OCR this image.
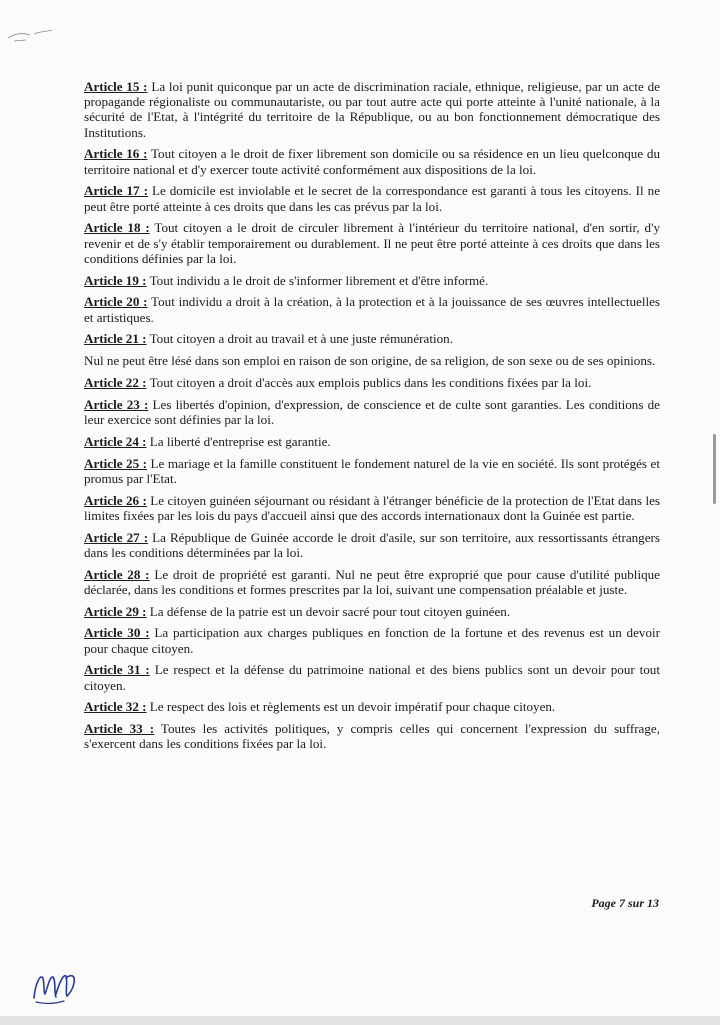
Article 15 : La loi punit quiconque par un acte de discrimination raciale, ethnique, religieuse, par un acte de propagande régionaliste ou communautariste, ou par tout autre acte qui porte atteinte à l'unité nationale, à la sécurité de l'Etat, à l'intégrité du territoire de la République, ou au bon fonctionnement démocratique des Institutions.

Article 16 : Tout citoyen a le droit de fixer librement son domicile ou sa résidence en un lieu quelconque du territoire national et d'y exercer toute activité conformément aux dispositions de la loi.

Article 17 : Le domicile est inviolable et le secret de la correspondance est garanti à tous les citoyens. Il ne peut être porté atteinte à ces droits que dans les cas prévus par la loi.

Article 18 : Tout citoyen a le droit de circuler librement à l'intérieur du territoire national, d'en sortir, d'y revenir et de s'y établir temporairement ou durablement. Il ne peut être porté atteinte à ces droits que dans les conditions définies par la loi.

Article 19 : Tout individu a le droit de s'informer librement et d'être informé.

Article 20 : Tout individu a droit à la création, à la protection et à la jouissance de ses œuvres intellectuelles et artistiques.

Article 21 : Tout citoyen a droit au travail et à une juste rémunération.

Nul ne peut être lésé dans son emploi en raison de son origine, de sa religion, de son sexe ou de ses opinions.

Article 22 : Tout citoyen a droit d'accès aux emplois publics dans les conditions fixées par la loi.

Article 23 : Les libertés d'opinion, d'expression, de conscience et de culte sont garanties. Les conditions de leur exercice sont définies par la loi.

Article 24 : La liberté d'entreprise est garantie.

Article 25 : Le mariage et la famille constituent le fondement naturel de la vie en société. Ils sont protégés et promus par l'Etat.

Article 26 : Le citoyen guinéen séjournant ou résidant à l'étranger bénéficie de la protection de l'Etat dans les limites fixées par les lois du pays d'accueil ainsi que des accords internationaux dont la Guinée est partie.

Article 27 : La République de Guinée accorde le droit d'asile, sur son territoire, aux ressortissants étrangers dans les conditions déterminées par la loi.

Article 28 : Le droit de propriété est garanti. Nul ne peut être exproprié que pour cause d'utilité publique déclarée, dans les conditions et formes prescrites par la loi, suivant une compensation préalable et juste.

Article 29 : La défense de la patrie est un devoir sacré pour tout citoyen guinéen.

Article 30 : La participation aux charges publiques en fonction de la fortune et des revenus est un devoir pour chaque citoyen.

Article 31 : Le respect et la défense du patrimoine national et des biens publics sont un devoir pour tout citoyen.

Article 32 : Le respect des lois et règlements est un devoir impératif pour chaque citoyen.

Article 33 : Toutes les activités politiques, y compris celles qui concernent l'expression du suffrage, s'exercent dans les conditions fixées par la loi.

Page 7 sur 13
